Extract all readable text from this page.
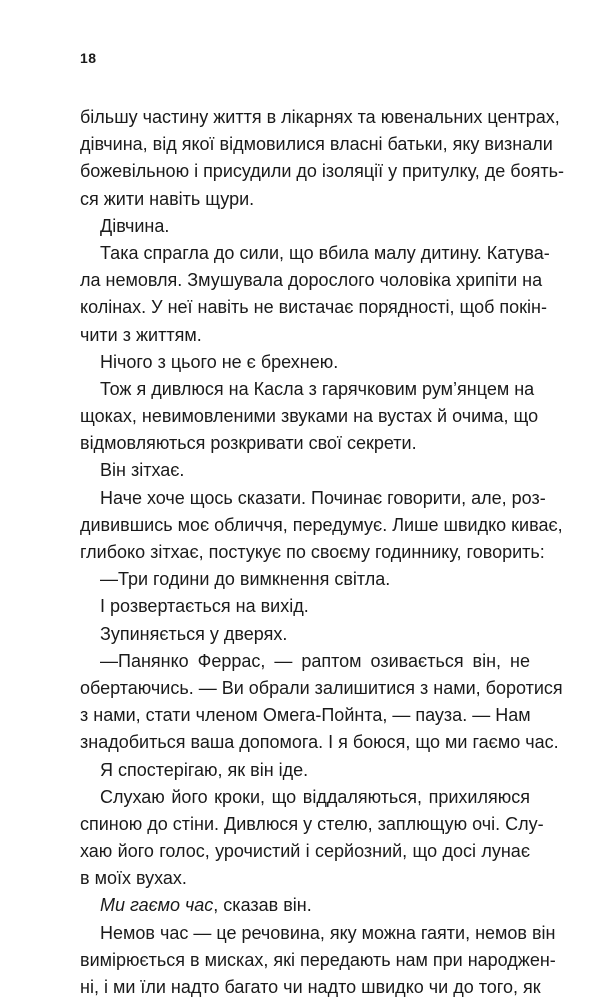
18
більшу частину життя в лікарнях та ювенальних центрах,
дівчина, від якої відмовилися власні батьки, яку визнали
божевільною і присудили до ізоляції у притулку, де боять-
ся жити навіть щури.
Дівчина.
Така спрагла до сили, що вбила малу дитину. Катува-
ла немовля. Змушувала дорослого чоловіка хрипіти на
колінах. У неї навіть не вистачає порядності, щоб покін-
чити з життям.
Нічого з цього не є брехнею.
Тож я дивлюся на Каслa з гарячковим рум’янцем на
щоках, невимовленими звуками на вустах й очима, що
відмовляються розкривати свої секрети.
Він зітхає.
Наче хоче щось сказати. Починає говорити, але, роз-
дивившись моє обличчя, передумує. Лише швидко киває,
глибоко зітхає, постукує по своєму годиннику, говорить:
—Три години до вимкнення світла.
І розвертається на вихід.
Зупиняється у дверях.
—Панянко Феррас, — раптом озивається він, не
обертаючись. — Ви обрали залишитися з нами, боротися
з нами, стати членом Омега-Пойнта, — пауза. — Нам
знадобиться ваша допомога. І я боюся, що ми гаємо час.
Я спостерігаю, як він іде.
Слухаю його кроки, що віддаляються, прихиляюся
спиною до стіни. Дивлюся у стелю, заплющую очі. Слу-
хаю його голос, урочистий і серйозний, що досі лунає
в моїх вухах.
Ми гаємо час, сказав він.
Немов час — це речовина, яку можна гаяти, немов він
вимірюється в мисках, які передають нам при народжен-
ні, і ми їли надто багато чи надто швидко чи до того, як
